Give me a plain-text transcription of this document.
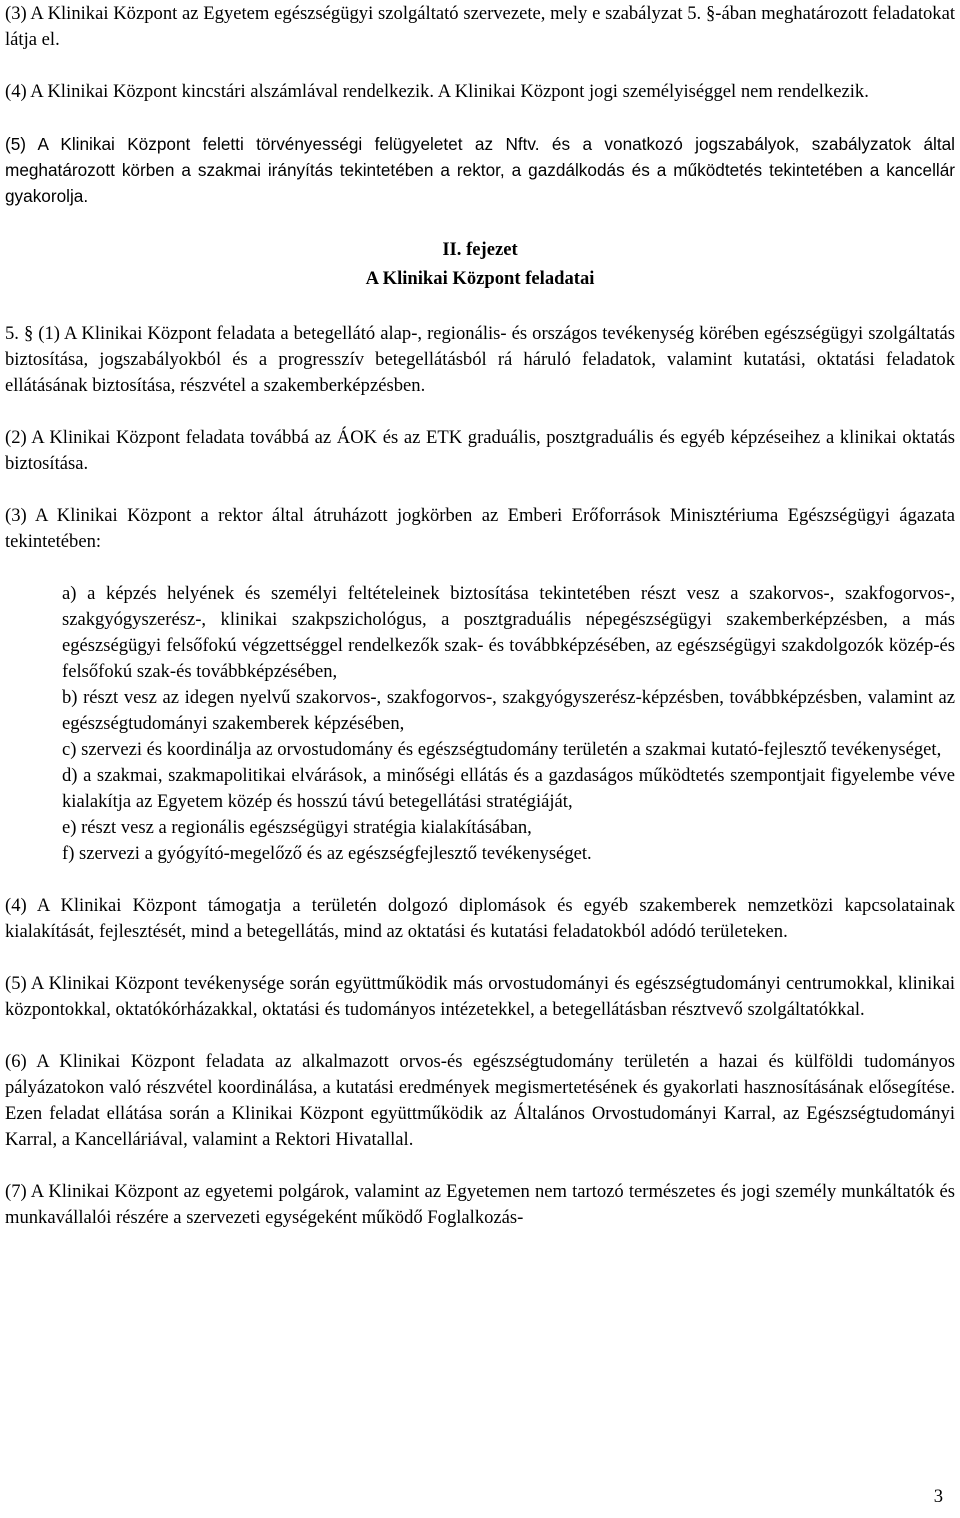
(3) A Klinikai Központ az Egyetem egészségügyi szolgáltató szervezete, mely e szabályzat 5. §-ában meghatározott feladatokat látja el.

(4) A Klinikai Központ kincstári alszámlával rendelkezik. A Klinikai Központ jogi személyiséggel nem rendelkezik.

(5) A Klinikai Központ feletti törvényességi felügyeletet az Nftv. és a vonatkozó jogszabályok, szabályzatok által meghatározott körben a szakmai irányítás tekintetében a rektor, a gazdálkodás és a működtetés tekintetében a kancellár gyakorolja.

II. fejezet
A Klinikai Központ feladatai

5. § (1) A Klinikai Központ feladata a betegellátó alap-, regionális- és országos tevékenység körében egészségügyi szolgáltatás biztosítása, jogszabályokból és a progresszív betegellátásból rá háruló feladatok, valamint kutatási, oktatási feladatok ellátásának biztosítása, részvétel a szakemberképzésben.

(2) A Klinikai Központ feladata továbbá az ÁOK és az ETK graduális, posztgraduális és egyéb képzéseihez a klinikai oktatás biztosítása.

(3) A Klinikai Központ a rektor által átruházott jogkörben az Emberi Erőforrások Minisztériuma Egészségügyi ágazata tekintetében:

a) a képzés helyének és személyi feltételeinek biztosítása tekintetében részt vesz a szakorvos-, szakfogorvos-, szakgyógyszerész-, klinikai szakpszichológus, a posztgraduális népegészségügyi szakemberképzésben, a más egészségügyi felsőfokú végzettséggel rendelkezők szak- és továbbképzésében, az egészségügyi szakdolgozók közép-és felsőfokú szak-és továbbképzésében,

b) részt vesz az idegen nyelvű szakorvos-, szakfogorvos-, szakgyógyszerész-képzésben, továbbképzésben, valamint az egészségtudományi szakemberek képzésében,

c) szervezi és koordinálja az orvostudomány és egészségtudomány területén a szakmai kutató-fejlesztő tevékenységet,

d) a szakmai, szakmapolitikai elvárások, a minőségi ellátás és a gazdaságos működtetés szempontjait figyelembe véve kialakítja az Egyetem közép és hosszú távú betegellátási stratégiáját,

e) részt vesz a regionális egészségügyi stratégia kialakításában,

f) szervezi a gyógyító-megelőző és az egészségfejlesztő tevékenységet.

(4) A Klinikai Központ támogatja a területén dolgozó diplomások és egyéb szakemberek nemzetközi kapcsolatainak kialakítását, fejlesztését, mind a betegellátás, mind az oktatási és kutatási feladatokból adódó területeken.

(5) A Klinikai Központ tevékenysége során együttműködik más orvostudományi és egészségtudományi centrumokkal, klinikai központokkal, oktatókórházakkal, oktatási és tudományos intézetekkel, a betegellátásban résztvevő szolgáltatókkal.

(6) A Klinikai Központ feladata az alkalmazott orvos-és egészségtudomány területén a hazai és külföldi tudományos pályázatokon való részvétel koordinálása, a kutatási eredmények megismertetésének és gyakorlati hasznosításának elősegítése. Ezen feladat ellátása során a Klinikai Központ együttműködik az Általános Orvostudományi Karral, az Egészségtudományi Karral, a Kancelláriával, valamint a Rektori Hivatallal.

(7) A Klinikai Központ az egyetemi polgárok, valamint az Egyetemen nem tartozó természetes és jogi személy munkáltatók és munkavállalói részére a szervezeti egységeként működő Foglalkozás-

3
